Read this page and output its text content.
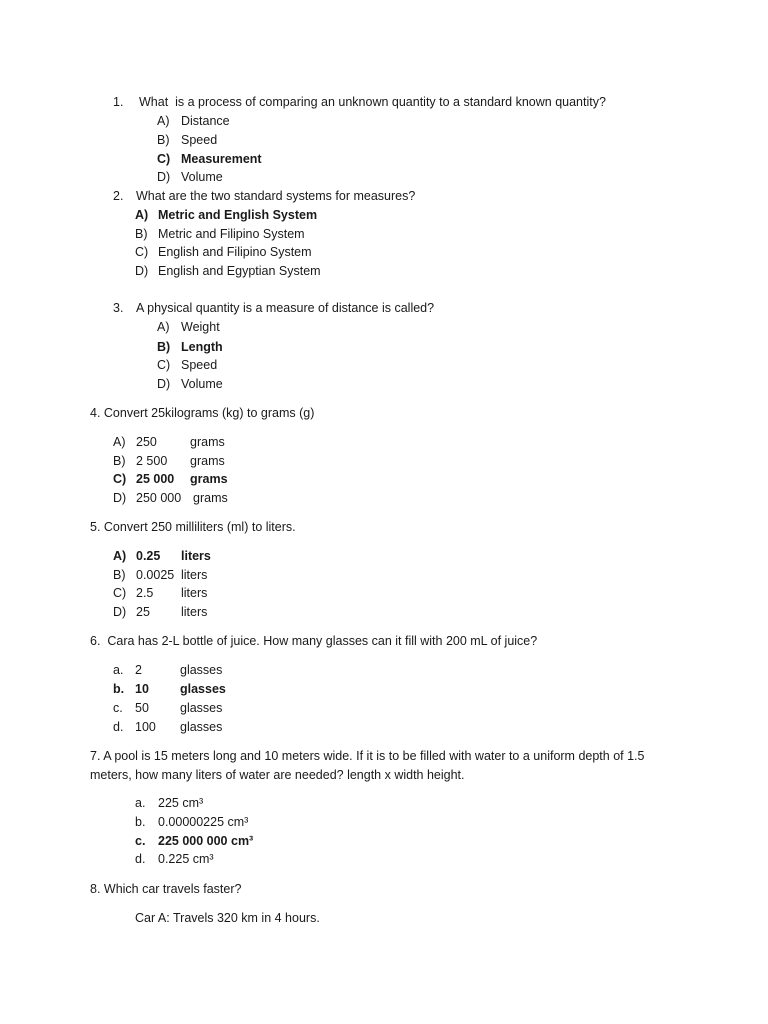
1. What  is a process of comparing an unknown quantity to a standard known quantity?
A) Distance
B) Speed
C) Measurement
D) Volume
2. What are the two standard systems for measures?
A) Metric and English System
B) Metric and Filipino System
C) English and Filipino System
D) English and Egyptian System
3. A physical quantity is a measure of distance is called?
A) Weight
B) Length
C) Speed
D) Volume
4. Convert 25kilograms (kg) to grams (g)
A) 250	grams
B) 2 500 grams
C) 25 000 grams
D) 250 000 grams
5. Convert 250 milliliters (ml) to liters.
A) 0.25 liters
B) 0.0025 liters
C) 2.5 liters
D) 25 liters
6.  Cara has 2-L bottle of juice. How many glasses can it fill with 200 mL of juice?
a. 2	glasses
b. 10 glasses
c. 50 glasses
d. 100 glasses
7. A pool is 15 meters long and 10 meters wide. If it is to be filled with water to a uniform depth of 1.5
meters, how many liters of water are needed? length x width height.
a. 225 cm³
b. 0.00000225 cm³
c. 225 000 000 cm³
d. 0.225 cm³
8. Which car travels faster?
Car A: Travels 320 km in 4 hours.
